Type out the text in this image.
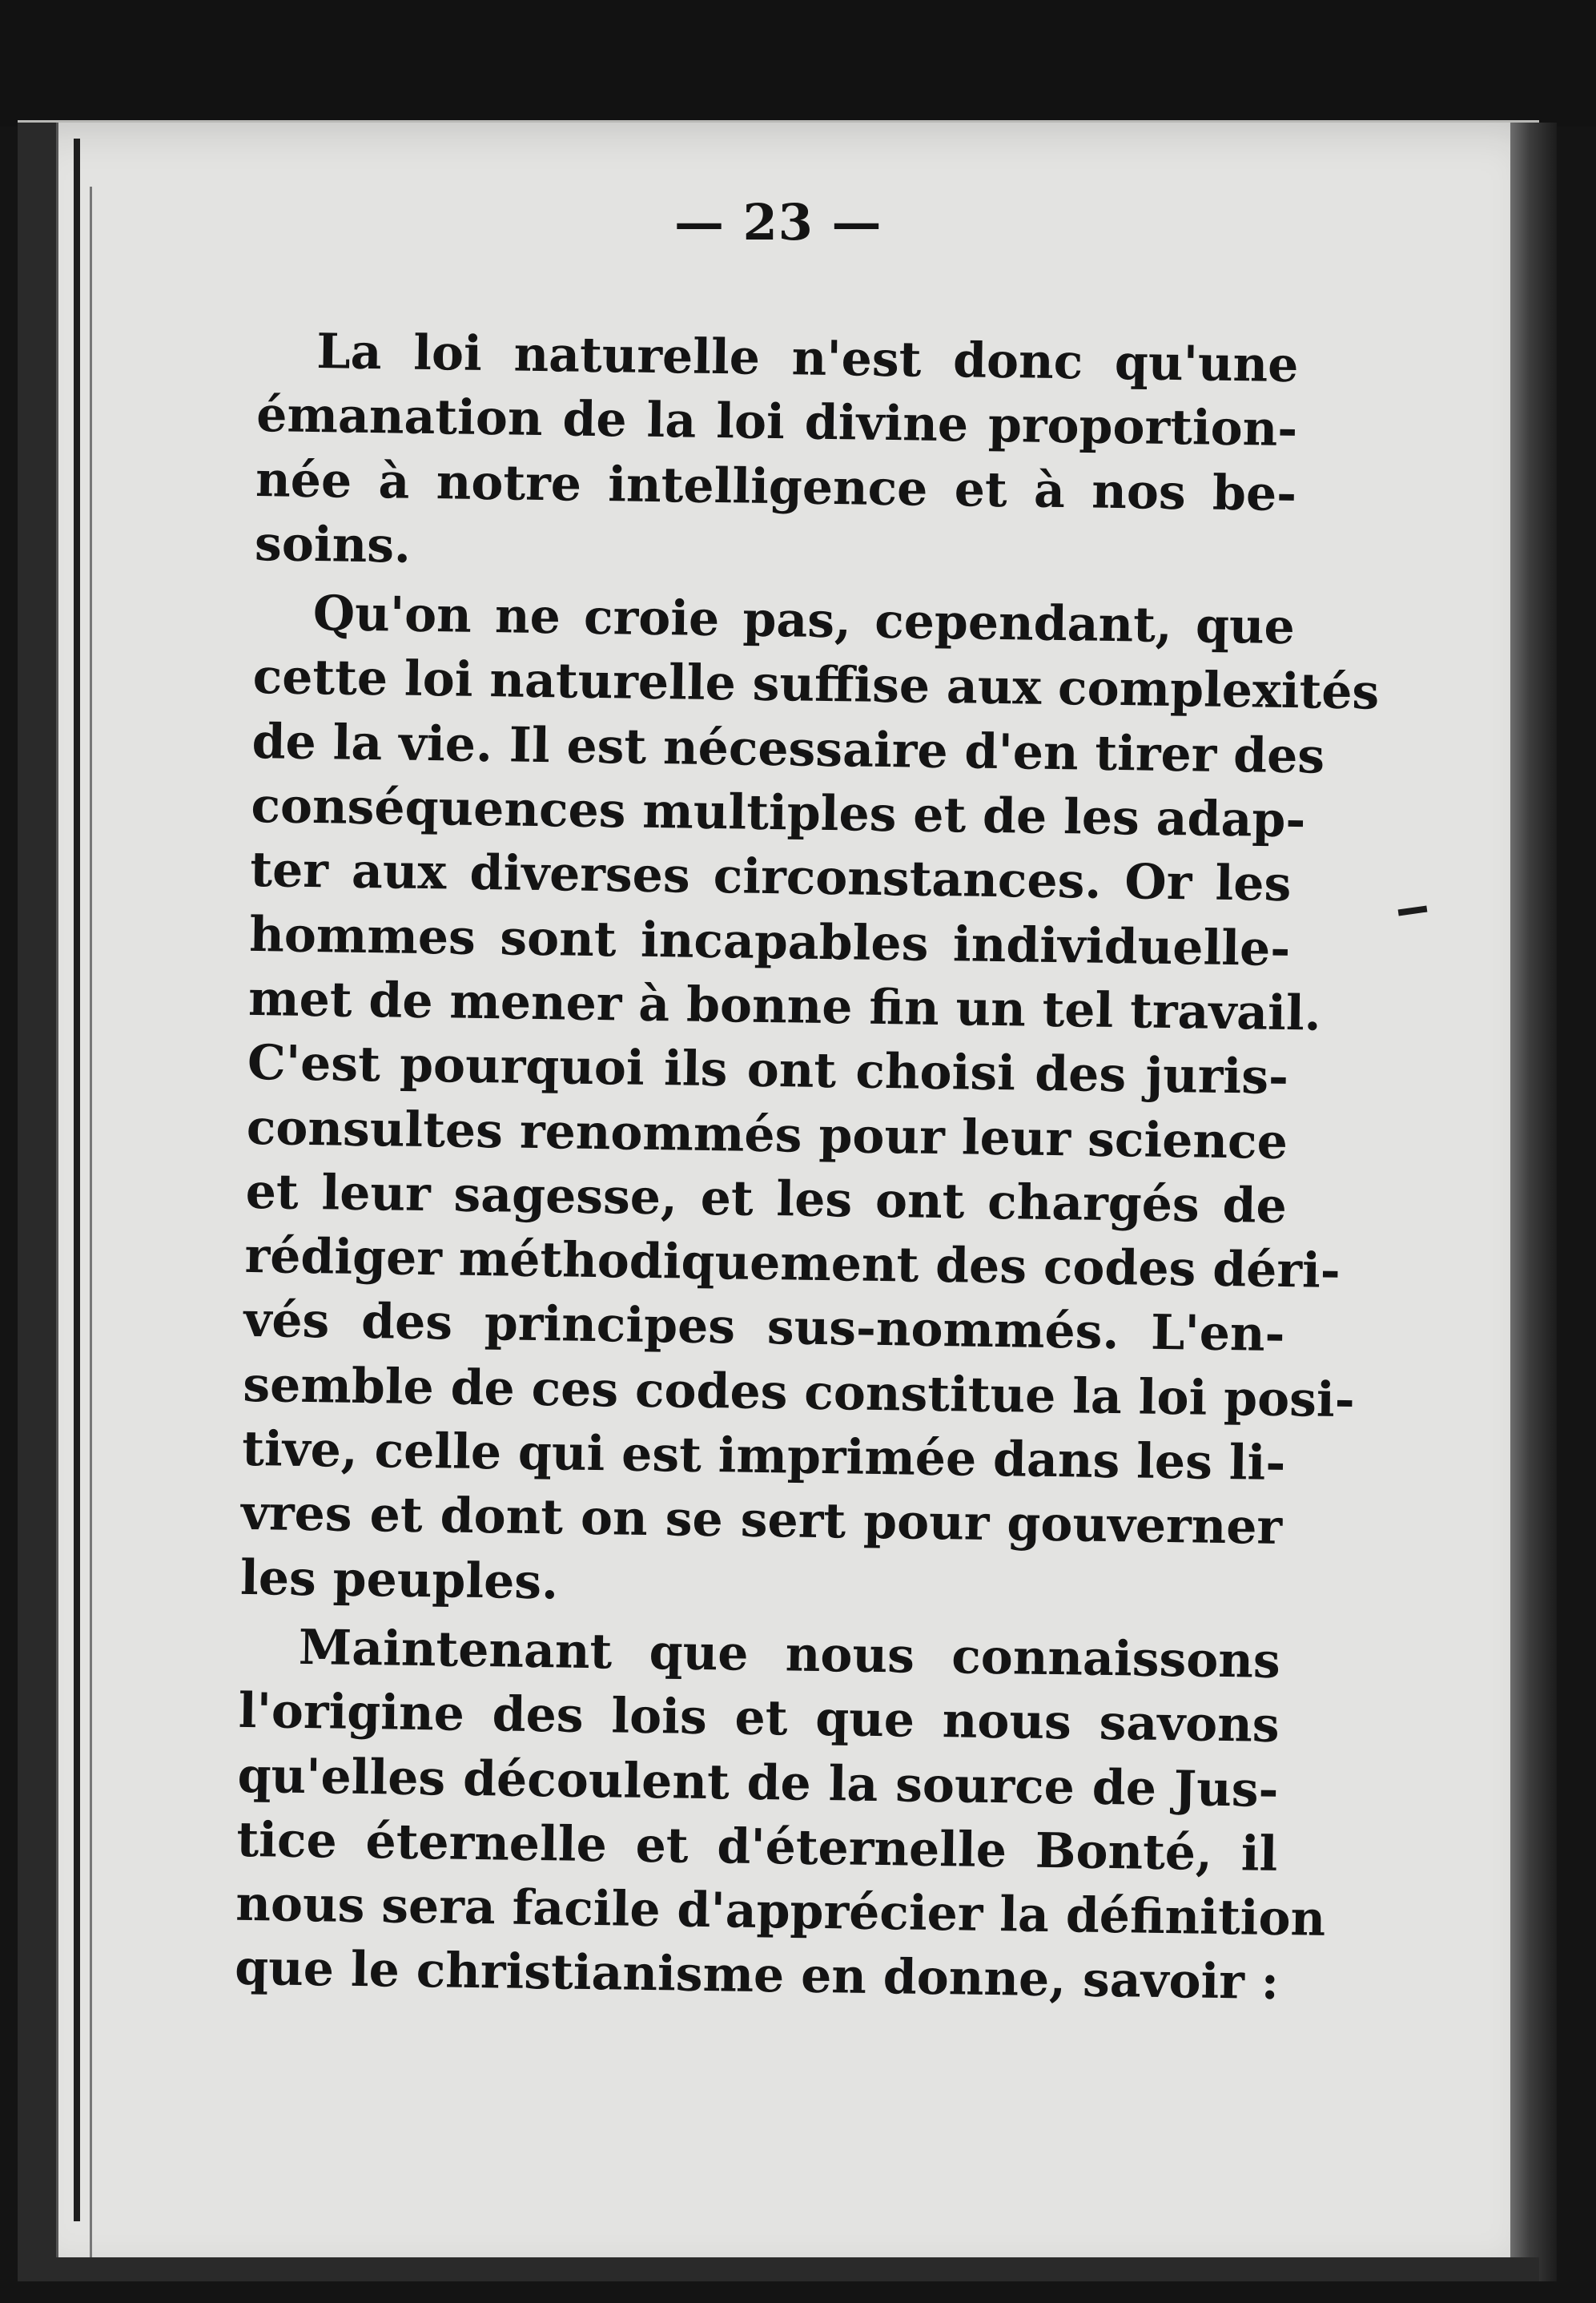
— 23 —
La loi naturelle n'est donc qu'une
émanation de la loi divine proportion-
née à notre intelligence et à nos be-
soins.
Qu'on ne croie pas, cependant, que
cette loi naturelle suffise aux complexités
de la vie. Il est nécessaire d'en tirer des
conséquences multiples et de les adap-
ter aux diverses circonstances. Or les
hommes sont incapables individuelle-
met de mener à bonne fin un tel travail.
C'est pourquoi ils ont choisi des juris-
consultes renommés pour leur science
et leur sagesse, et les ont chargés de
rédiger méthodiquement des codes déri-
vés des principes sus-nommés. L'en-
semble de ces codes constitue la loi posi-
tive, celle qui est imprimée dans les li-
vres et dont on se sert pour gouverner
les peuples.
Maintenant que nous connaissons
l'origine des lois et que nous savons
qu'elles découlent de la source de Jus-
tice éternelle et d'éternelle Bonté, il
nous sera facile d'apprécier la définition
que le christianisme en donne, savoir :
